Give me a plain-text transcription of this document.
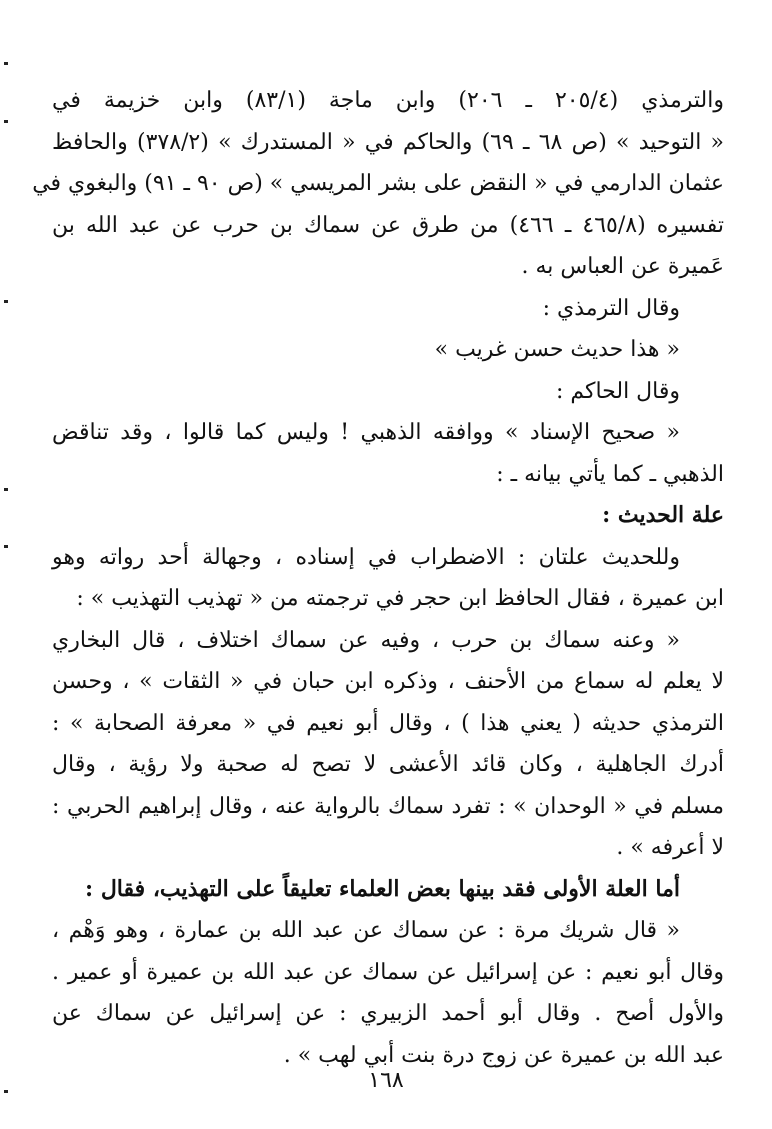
والترمذي (٢٠٥/٤ ـ ٢٠٦) وابن ماجة (٨٣/١) وابن خزيمة في
« التوحيد » (ص ٦٨ ـ ٦٩) والحاكم في « المستدرك » (٣٧٨/٢) والحافظ
عثمان الدارمي في « النقض على بشر المريسي » (ص ٩٠ ـ ٩١) والبغوي في
تفسيره (٤٦٥/٨ ـ ٤٦٦) من طرق عن سماك بن حرب عن عبد الله بن
عَميرة عن العباس به .
وقال الترمذي :
« هذا حديث حسن غريب »
وقال الحاكم :
« صحيح الإسناد » ووافقه الذهبي ! وليس كما قالوا ، وقد تناقض
الذهبي ـ كما يأتي بيانه ـ :
علة الحديث :
وللحديث علتان : الاضطراب في إسناده ، وجهالة أحد رواته وهو
ابن عميرة ، فقال الحافظ ابن حجر في ترجمته من « تهذيب التهذيب » :
« وعنه سماك بن حرب ، وفيه عن سماك اختلاف ، قال البخاري
لا يعلم له سماع من الأحنف ، وذكره ابن حبان في « الثقات » ، وحسن
الترمذي حديثه ( يعني هذا ) ، وقال أبو نعيم في « معرفة الصحابة » :
أدرك الجاهلية ، وكان قائد الأعشى لا تصح له صحبة ولا رؤية ، وقال
مسلم في « الوحدان » : تفرد سماك بالرواية عنه ، وقال إبراهيم الحربي :
لا أعرفه » .
أما العلة الأولى فقد بينها بعض العلماء تعليقاً على التهذيب، فقال :
« قال شريك مرة : عن سماك عن عبد الله بن عمارة ، وهو وَهْم ،
وقال أبو نعيم : عن إسرائيل عن سماك عن عبد الله بن عميرة أو عمير .
والأول أصح . وقال أبو أحمد الزبيري : عن إسرائيل عن سماك عن
عبد الله بن عميرة عن زوج درة بنت أبي لهب » .
١٦٨
